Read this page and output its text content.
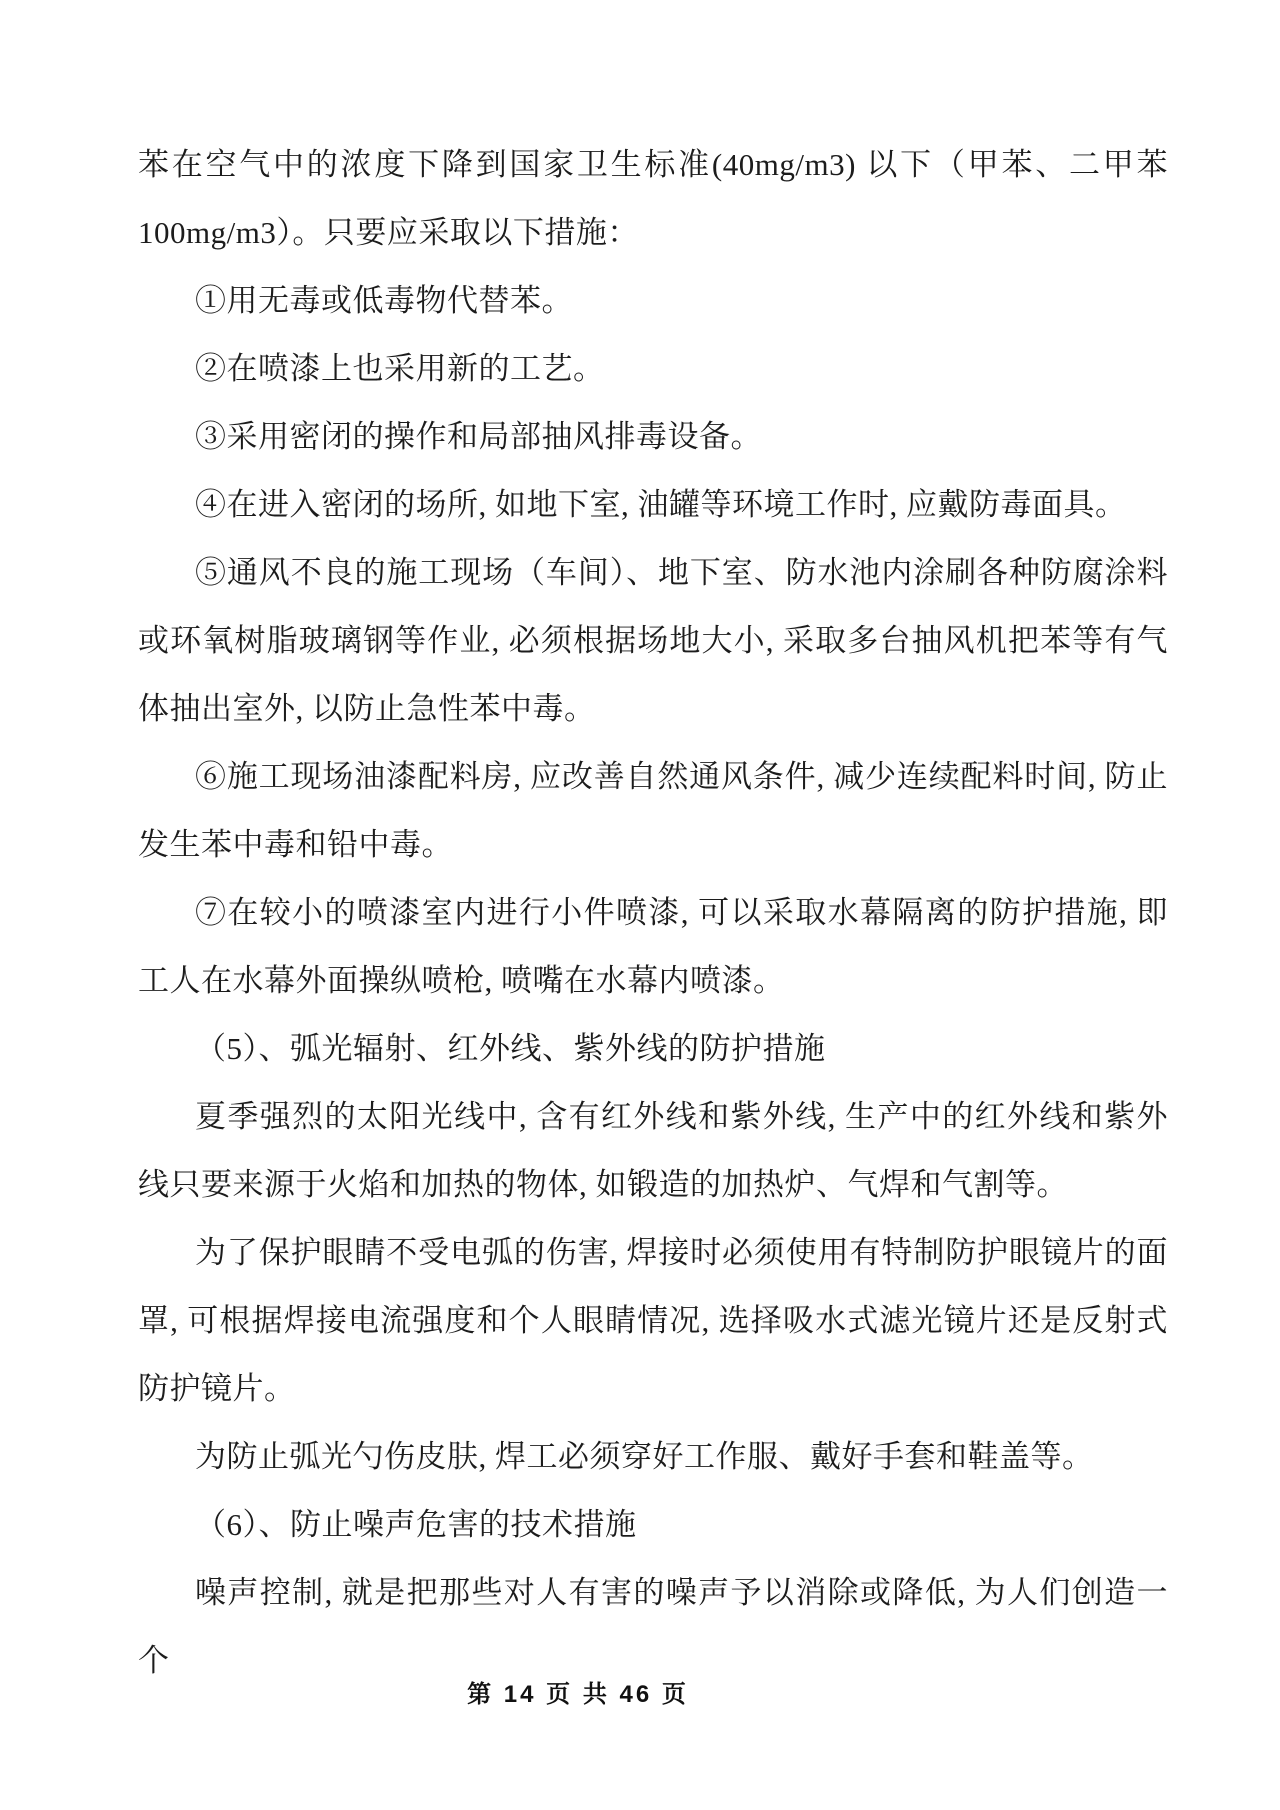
苯在空气中的浓度下降到国家卫生标准(40mg/m3) 以下（甲苯、二甲苯100mg/m3）。只要应采取以下措施：

①用无毒或低毒物代替苯。

②在喷漆上也采用新的工艺。

③采用密闭的操作和局部抽风排毒设备。

④在进入密闭的场所, 如地下室, 油罐等环境工作时, 应戴防毒面具。

⑤通风不良的施工现场（车间）、地下室、防水池内涂刷各种防腐涂料或环氧树脂玻璃钢等作业, 必须根据场地大小, 采取多台抽风机把苯等有气体抽出室外, 以防止急性苯中毒。

⑥施工现场油漆配料房, 应改善自然通风条件, 减少连续配料时间, 防止发生苯中毒和铅中毒。

⑦在较小的喷漆室内进行小件喷漆, 可以采取水幕隔离的防护措施, 即工人在水幕外面操纵喷枪, 喷嘴在水幕内喷漆。

（5）、弧光辐射、红外线、紫外线的防护措施

夏季强烈的太阳光线中, 含有红外线和紫外线, 生产中的红外线和紫外线只要来源于火焰和加热的物体, 如锻造的加热炉、气焊和气割等。

为了保护眼睛不受电弧的伤害, 焊接时必须使用有特制防护眼镜片的面罩, 可根据焊接电流强度和个人眼睛情况, 选择吸水式滤光镜片还是反射式防护镜片。

为防止弧光勺伤皮肤, 焊工必须穿好工作服、戴好手套和鞋盖等。

（6）、防止噪声危害的技术措施

噪声控制, 就是把那些对人有害的噪声予以消除或降低, 为人们创造一个

第 14 页 共 46 页
